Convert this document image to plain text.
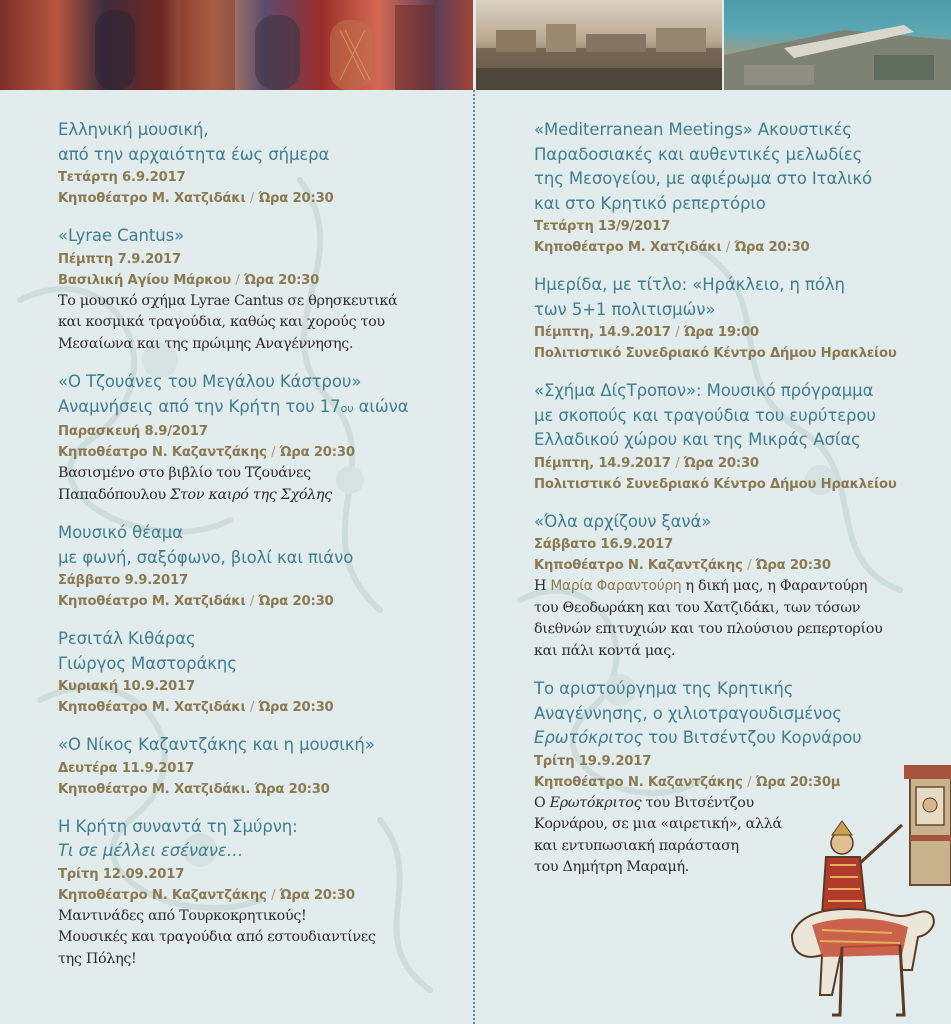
Ελληνική μουσική,
από την αρχαιότητα έως σήμερα
Τετάρτη 6.9.2017
Κηποθέατρο Μ. Χατζιδάκι / Ώρα 20:30
«Lyrae Cantus»
Πέμπτη 7.9.2017
Βασιλική Αγίου Μάρκου / Ώρα 20:30
Το μουσικό σχήμα Lyrae Cantus σε θρησκευτικά
και κοσμικά τραγούδια, καθώς και χορούς του
Μεσαίωνα και της πρώιμης Αναγέννησης.
«Ο Τζουάνες του Μεγάλου Κάστρου»
Αναμνήσεις από την Κρήτη του 17ου αιώνα
Παρασκευή 8.9/2017
Κηποθέατρο Ν. Καζαντζάκης / Ώρα 20:30
Βασισμένο στο βιβλίο του Τζουάνες
Παπαδόπουλου Στον καιρό της Σχόλης
Μουσικό θέαμα
με φωνή, σαξόφωνο, βιολί και πιάνο
Σάββατο 9.9.2017
Κηποθέατρο Μ. Χατζιδάκι / Ώρα 20:30
Ρεσιτάλ Κιθάρας
Γιώργος Μαστοράκης
Κυριακή 10.9.2017
Κηποθέατρο Μ. Χατζιδάκι / Ώρα 20:30
«Ο Νίκος Καζαντζάκης και η μουσική»
Δευτέρα 11.9.2017
Κηποθέατρο Μ. Χατζιδάκι. Ώρα 20:30
Η Κρήτη συναντά τη Σμύρνη:
Τι σε μέλλει εσένανε…
Τρίτη 12.09.2017
Κηποθέατρο Ν. Καζαντζάκης / Ώρα 20:30
Μαντινάδες από Τουρκοκρητικούς!
Μουσικές και τραγούδια από εστουδιαντίνες
της Πόλης!
«Mediterranean Meetings» Ακουστικές
Παραδοσιακές και αυθεντικές μελωδίες
της Μεσογείου, με αφιέρωμα στο Ιταλικό
και στο Κρητικό ρεπερτόριο
Τετάρτη 13/9/2017
Κηποθέατρο Μ. Χατζιδάκι / Ώρα 20:30
Ημερίδα, με τίτλο: «Ηράκλειο, η πόλη
των 5+1 πολιτισμών»
Πέμπτη, 14.9.2017 / Ώρα 19:00
Πολιτιστικό Συνεδριακό Κέντρο Δήμου Ηρακλείου
«Σχήμα ΔίςΤροπον»: Μουσικό πρόγραμμα
με σκοπούς και τραγούδια του ευρύτερου
Ελλαδικού χώρου και της Μικράς Ασίας
Πέμπτη, 14.9.2017 / Ώρα 20:30
Πολιτιστικό Συνεδριακό Κέντρο Δήμου Ηρακλείου
«Όλα αρχίζουν ξανά»
Σάββατο 16.9.2017
Κηποθέατρο Ν. Καζαντζάκης / Ώρα 20:30
Η Μαρία Φαραντούρη η δική μας, η Φαραντούρη
του Θεοδωράκη και του Χατζιδάκι, των τόσων
διεθνών επιτυχιών και του πλούσιου ρεπερτορίου
και πάλι κοντά μας.
Το αριστούργημα της Κρητικής
Αναγέννησης, ο χιλιοτραγουδισμένος
Ερωτόκριτος του Βιτσέντζου Κορνάρου
Τρίτη 19.9.2017
Κηποθέατρο Ν. Καζαντζάκης / Ώρα 20:30μ
Ο Ερωτόκριτος του Βιτσέντζου
Κορνάρου, σε μια «αιρετική», αλλά
και εντυπωσιακή παράσταση
του Δημήτρη Μαραμή.
